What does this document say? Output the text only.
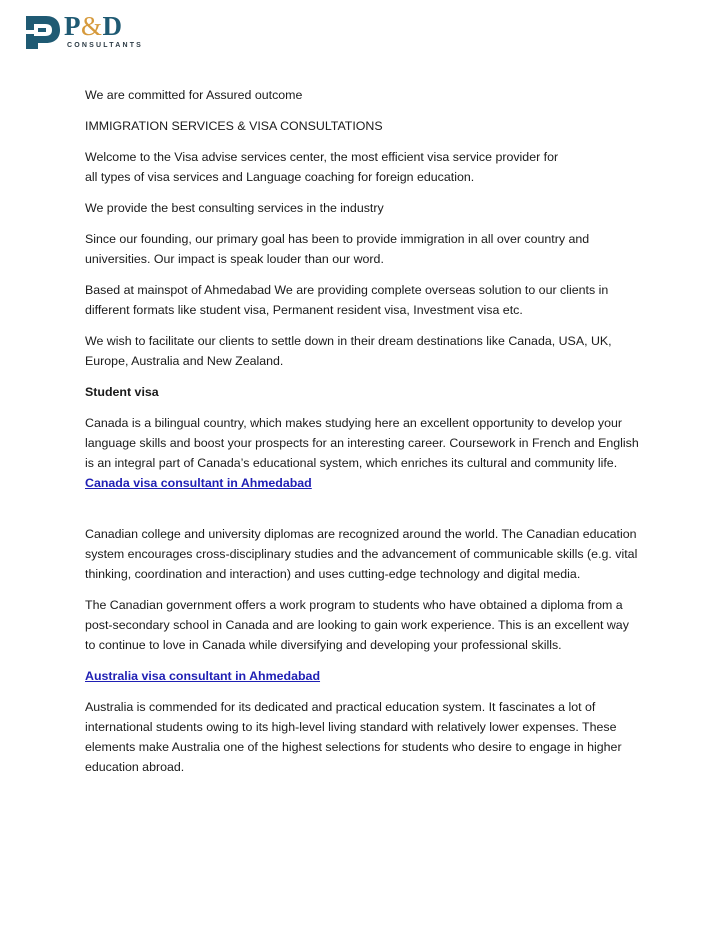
P&D
CONSULTANTS

We are committed for Assured outcome

IMMIGRATION SERVICES & VISA CONSULTATIONS

Welcome to the Visa advise services center, the most efficient visa service provider for
all types of visa services and Language coaching for foreign education.

We provide the best consulting services in the industry

Since our founding, our primary goal has been to provide immigration in all over country and universities. Our impact is speak louder than our word.

Based at mainspot of Ahmedabad We are providing complete overseas solution to our clients in different formats like student visa, Permanent resident visa, Investment visa etc.

We wish to facilitate our clients to settle down in their dream destinations like Canada, USA, UK, Europe, Australia and New Zealand.

Student visa

Canada is a bilingual country, which makes studying here an excellent opportunity to develop your language skills and boost your prospects for an interesting career. Coursework in French and English is an integral part of Canada’s educational system, which enriches its cultural and community life. Canada visa consultant in Ahmedabad

Canadian college and university diplomas are recognized around the world. The Canadian education system encourages cross-disciplinary studies and the advancement of communicable skills (e.g. vital thinking, coordination and interaction) and uses cutting-edge technology and digital media.

The Canadian government offers a work program to students who have obtained a diploma from a post-secondary school in Canada and are looking to gain work experience. This is an excellent way to continue to love in Canada while diversifying and developing your professional skills.

Australia visa consultant in Ahmedabad

Australia is commended for its dedicated and practical education system. It fascinates a lot of international students owing to its high-level living standard with relatively lower expenses. These elements make Australia one of the highest selections for students who desire to engage in higher education abroad.
